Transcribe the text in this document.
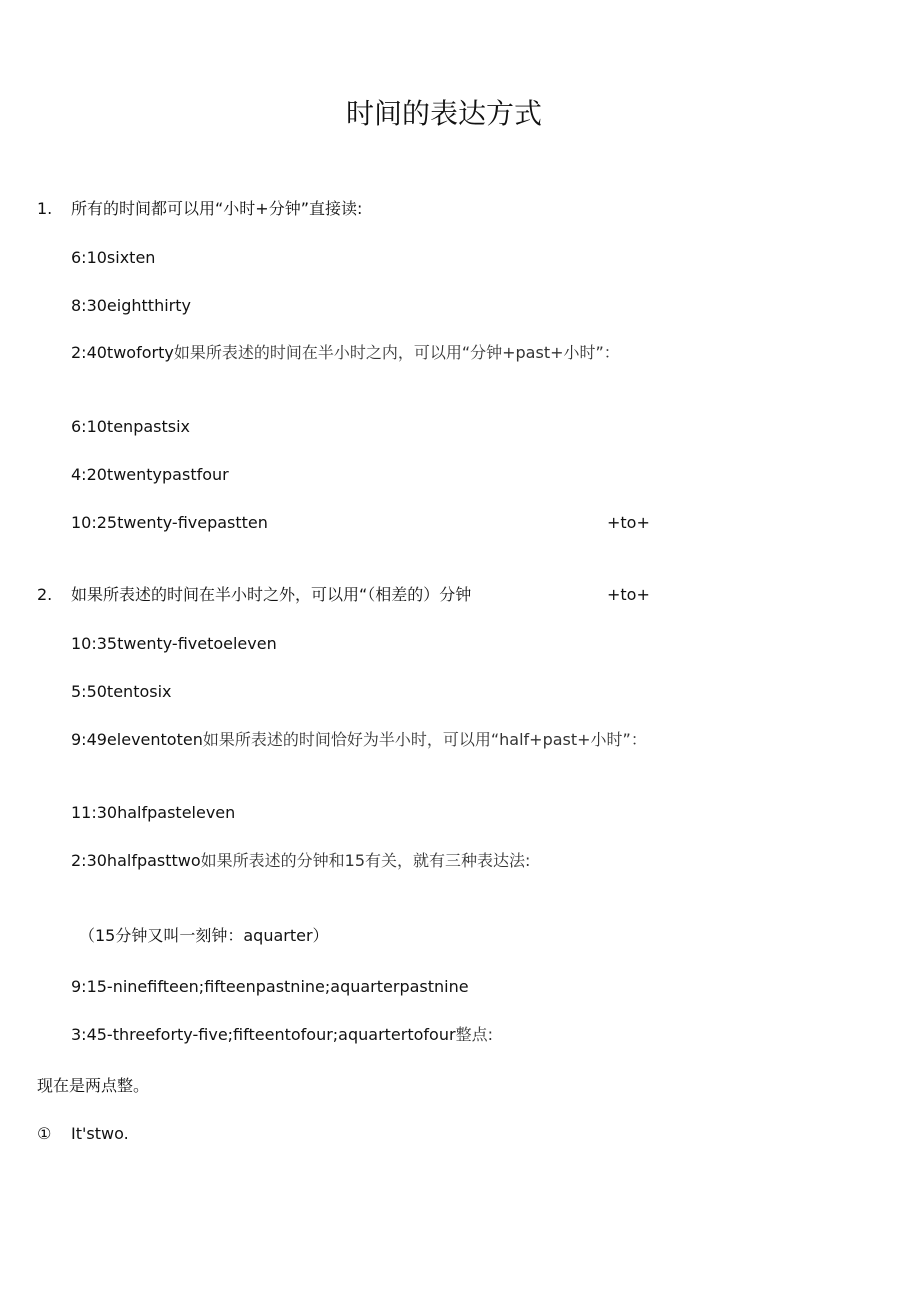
时间的表达方式
1. 所有的时间都可以用“小时+分钟”直接读:
6:10sixten
8:30eightthirty
2:40twoforty如果所表述的时间在半小时之内，可以用“分钟+past+小时”：
6:10tenpastsix
4:20twentypastfour
10:25twenty-fivepastten	+to+
2. 如果所表述的时间在半小时之外，可以用“（相差的）分钟	+to+
10:35twenty-fivetoeleven
5:50tentosix
9:49eleventoten如果所表述的时间恰好为半小时，可以用“half+past+小时”：
11:30halfpasteleven
2:30halfpasttwo如果所表述的分钟和15有关，就有三种表达法:
（15分钟又叫一刻钟：aquarter）
9:15-ninefifteen;fifteenpastnine;aquarterpastnine
3:45-threeforty-five;fifteentofour;aquartertofour整点:
现在是两点整。
① It'stwo.
